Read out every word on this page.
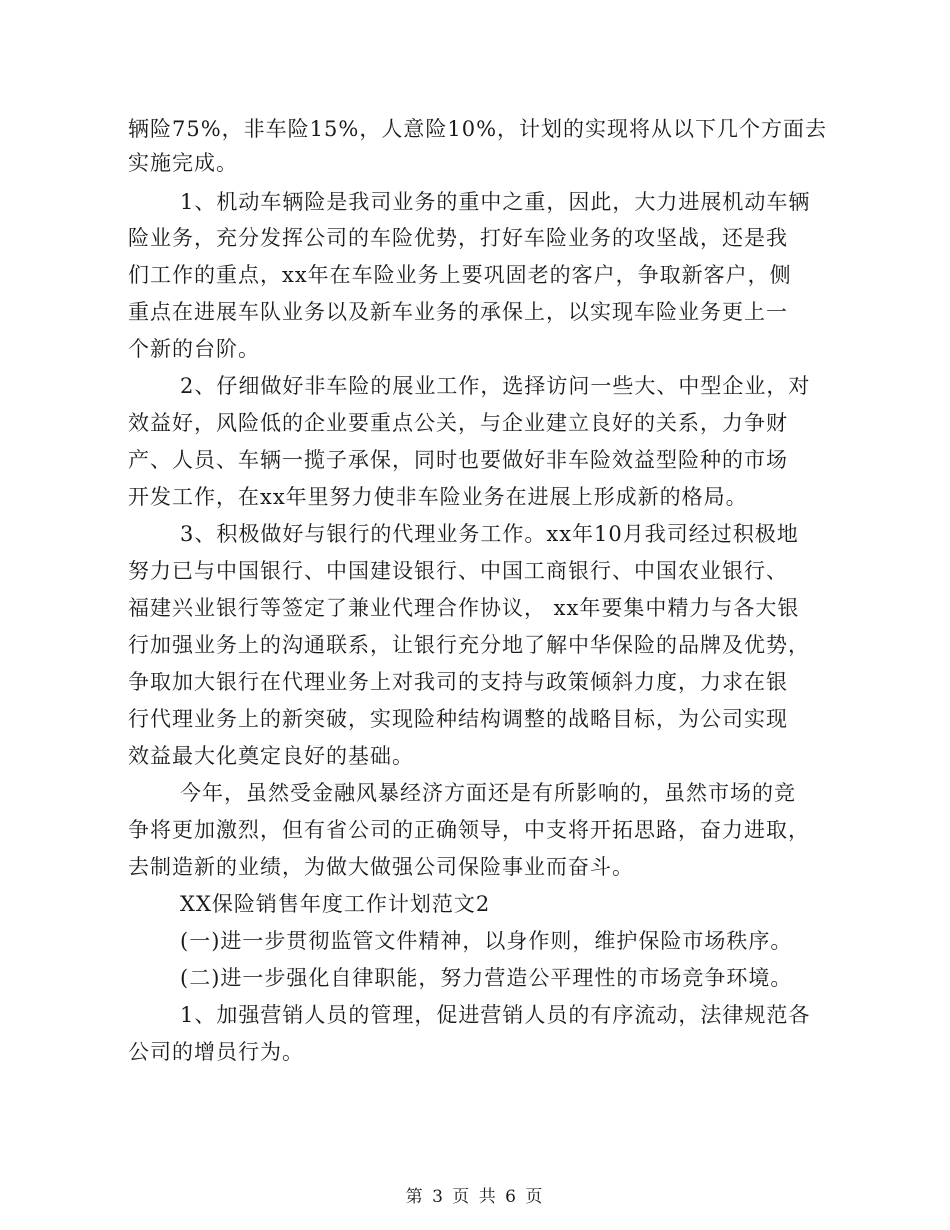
辆险75%，非车险15%，人意险10%，计划的实现将从以下几个方面去
实施完成。
1、机动车辆险是我司业务的重中之重，因此，大力进展机动车辆
险业务，充分发挥公司的车险优势，打好车险业务的攻坚战，还是我
们工作的重点，xx年在车险业务上要巩固老的客户，争取新客户，侧
重点在进展车队业务以及新车业务的承保上，以实现车险业务更上一
个新的台阶。
2、仔细做好非车险的展业工作，选择访问一些大、中型企业，对
效益好，风险低的企业要重点公关，与企业建立良好的关系，力争财
产、人员、车辆一揽子承保，同时也要做好非车险效益型险种的市场
开发工作，在xx年里努力使非车险业务在进展上形成新的格局。
3、积极做好与银行的代理业务工作。xx年10月我司经过积极地
努力已与中国银行、中国建设银行、中国工商银行、中国农业银行、
福建兴业银行等签定了兼业代理合作协议， xx年要集中精力与各大银
行加强业务上的沟通联系，让银行充分地了解中华保险的品牌及优势，
争取加大银行在代理业务上对我司的支持与政策倾斜力度，力求在银
行代理业务上的新突破，实现险种结构调整的战略目标，为公司实现
效益最大化奠定良好的基础。
今年，虽然受金融风暴经济方面还是有所影响的，虽然市场的竞
争将更加激烈，但有省公司的正确领导，中支将开拓思路，奋力进取，
去制造新的业绩，为做大做强公司保险事业而奋斗。
XX保险销售年度工作计划范文2
(一)进一步贯彻监管文件精神，以身作则，维护保险市场秩序。
(二)进一步强化自律职能，努力营造公平理性的市场竞争环境。
1、加强营销人员的管理，促进营销人员的有序流动，法律规范各
公司的增员行为。
第 3 页 共 6 页
